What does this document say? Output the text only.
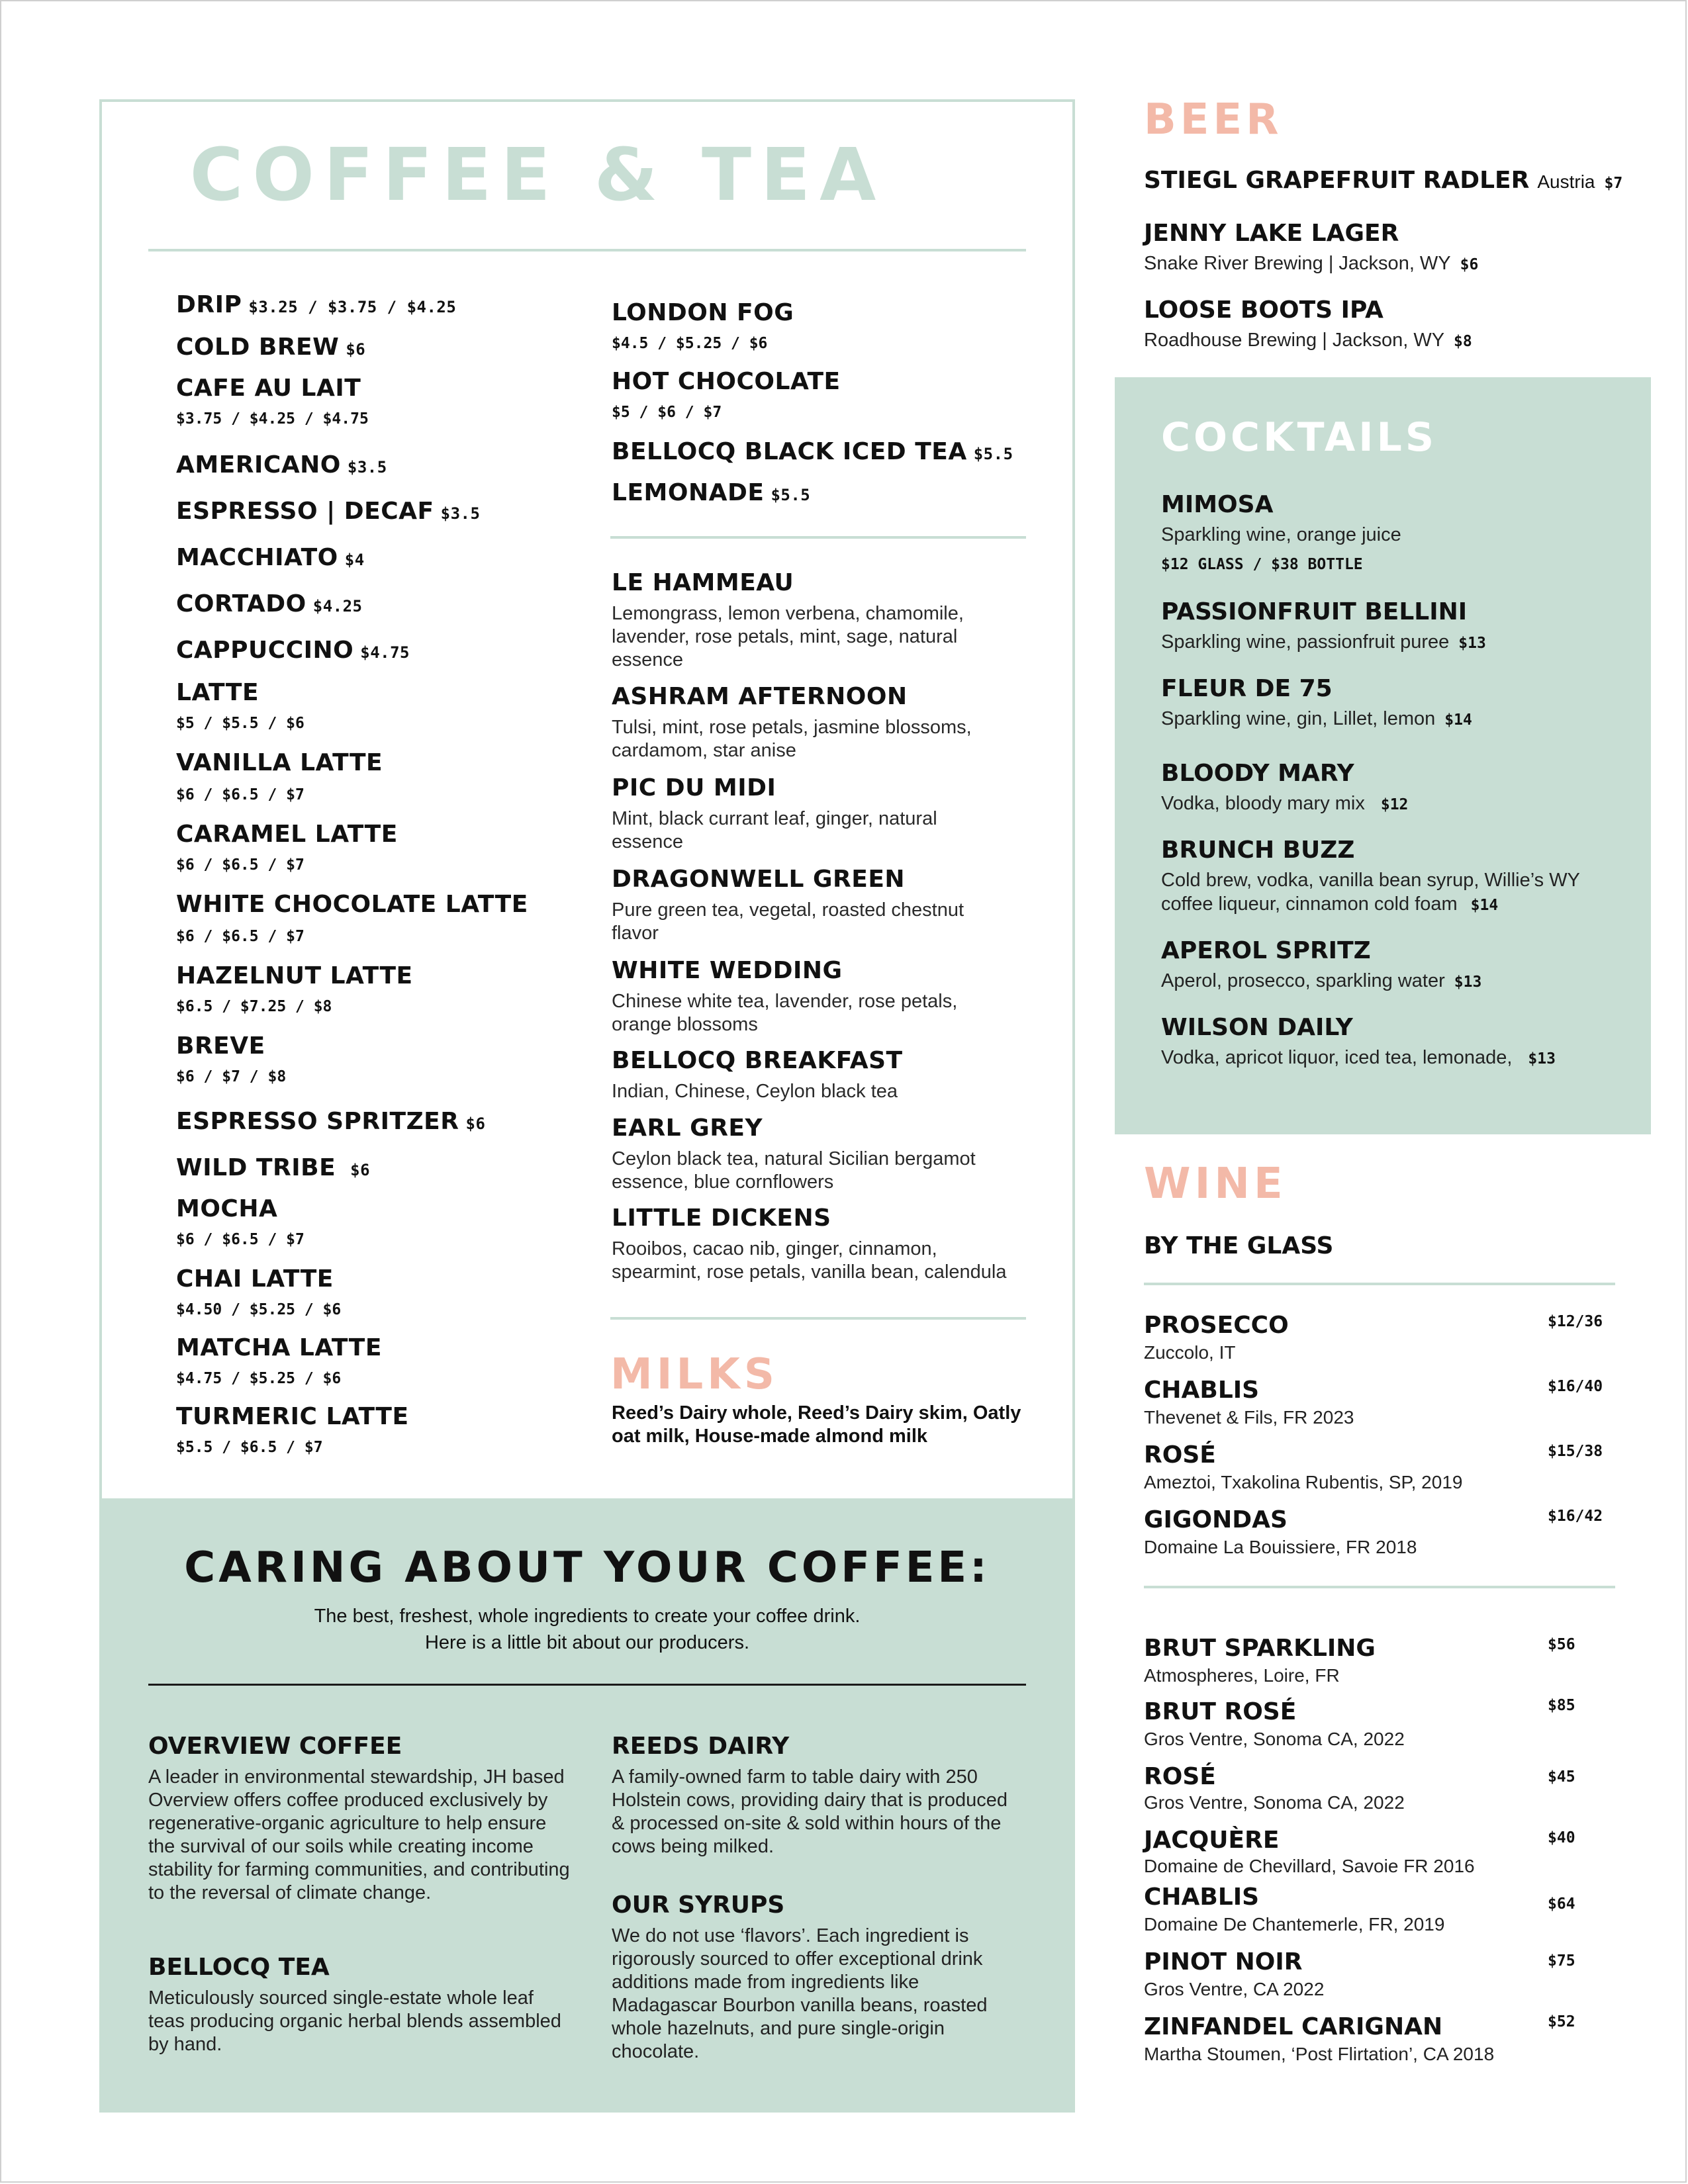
COFFEE & TEA
DRIP $3.25 / $3.75 / $4.25
COLD BREW $6
CAFE AU LAIT
$3.75 / $4.25 / $4.75
AMERICANO $3.5
ESPRESSO | DECAF $3.5
MACCHIATO $4
CORTADO $4.25
CAPPUCCINO $4.75
LATTE
$5 / $5.5 / $6
VANILLA LATTE
$6 / $6.5 / $7
CARAMEL LATTE
$6 / $6.5 / $7
WHITE CHOCOLATE LATTE
$6 / $6.5 / $7
HAZELNUT LATTE
$6.5 / $7.25 / $8
BREVE
$6 / $7 / $8
ESPRESSO SPRITZER $6
WILD TRIBE $6
MOCHA
$6 / $6.5 / $7
CHAI LATTE
$4.50 / $5.25 / $6
MATCHA LATTE
$4.75 / $5.25 / $6
TURMERIC LATTE
$5.5 / $6.5 / $7
LONDON FOG
$4.5 / $5.25 / $6
HOT CHOCOLATE
$5 / $6 / $7
BELLOCQ BLACK ICED TEA $5.5
LEMONADE $5.5
LE HAMMEAU
Lemongrass, lemon verbena, chamomile, lavender, rose petals, mint, sage, natural essence
ASHRAM AFTERNOON
Tulsi, mint, rose petals, jasmine blossoms, cardamom, star anise
PIC DU MIDI
Mint, black currant leaf, ginger, natural essence
DRAGONWELL GREEN
Pure green tea, vegetal, roasted chestnut flavor
WHITE WEDDING
Chinese white tea, lavender, rose petals, orange blossoms
BELLOCQ BREAKFAST
Indian, Chinese, Ceylon black tea
EARL GREY
Ceylon black tea, natural Sicilian bergamot essence, blue cornflowers
LITTLE DICKENS
Rooibos, cacao nib, ginger, cinnamon, spearmint, rose petals, vanilla bean, calendula
MILKS
Reed’s Dairy whole, Reed’s Dairy skim, Oatly oat milk, House-made almond milk
CARING ABOUT YOUR COFFEE:
The best, freshest, whole ingredients to create your coffee drink.
Here is a little bit about our producers.
OVERVIEW COFFEE
A leader in environmental stewardship, JH based Overview offers coffee produced exclusively by regenerative-organic agriculture to help ensure the survival of our soils while creating income stability for farming communities, and contributing to the reversal of climate change.
BELLOCQ TEA
Meticulously sourced single-estate whole leaf teas producing organic herbal blends assembled by hand.
REEDS DAIRY
A family-owned farm to table dairy with 250 Holstein cows, providing dairy that is produced & processed on-site & sold within hours of the cows being milked.
OUR SYRUPS
We do not use ‘flavors’. Each ingredient is rigorously sourced to offer exceptional drink additions made from ingredients like Madagascar Bourbon vanilla beans, roasted whole hazelnuts, and pure single-origin chocolate.
BEER
STIEGL GRAPEFRUIT RADLER Austria $7
JENNY LAKE LAGER
Snake River Brewing | Jackson, WY $6
LOOSE BOOTS IPA
Roadhouse Brewing | Jackson, WY $8
COCKTAILS
MIMOSA
Sparkling wine, orange juice
$12 GLASS / $38 BOTTLE
PASSIONFRUIT BELLINI
Sparkling wine, passionfruit puree $13
FLEUR DE 75
Sparkling wine, gin, Lillet, lemon $14
BLOODY MARY
Vodka, bloody mary mix $12
BRUNCH BUZZ
Cold brew, vodka, vanilla bean syrup, Willie’s WY
coffee liqueur, cinnamon cold foam $14
APEROL SPRITZ
Aperol, prosecco, sparkling water $13
WILSON DAILY
Vodka, apricot liquor, iced tea, lemonade, $13
WINE
BY THE GLASS
PROSECCO
Zuccolo, IT
$12/36
CHABLIS
Thevenet & Fils, FR 2023
$16/40
ROSÉ
Ameztoi, Txakolina Rubentis, SP, 2019
$15/38
GIGONDAS
Domaine La Bouissiere, FR 2018
$16/42
BRUT SPARKLING
Atmospheres, Loire, FR
$56
BRUT ROSÉ
Gros Ventre, Sonoma CA, 2022
$85
ROSÉ
Gros Ventre, Sonoma CA, 2022
$45
JACQUÈRE
Domaine de Chevillard, Savoie FR 2016
$40
CHABLIS
Domaine De Chantemerle, FR, 2019
$64
PINOT NOIR
Gros Ventre, CA 2022
$75
ZINFANDEL CARIGNAN
Martha Stoumen, ‘Post Flirtation’, CA 2018
$52
